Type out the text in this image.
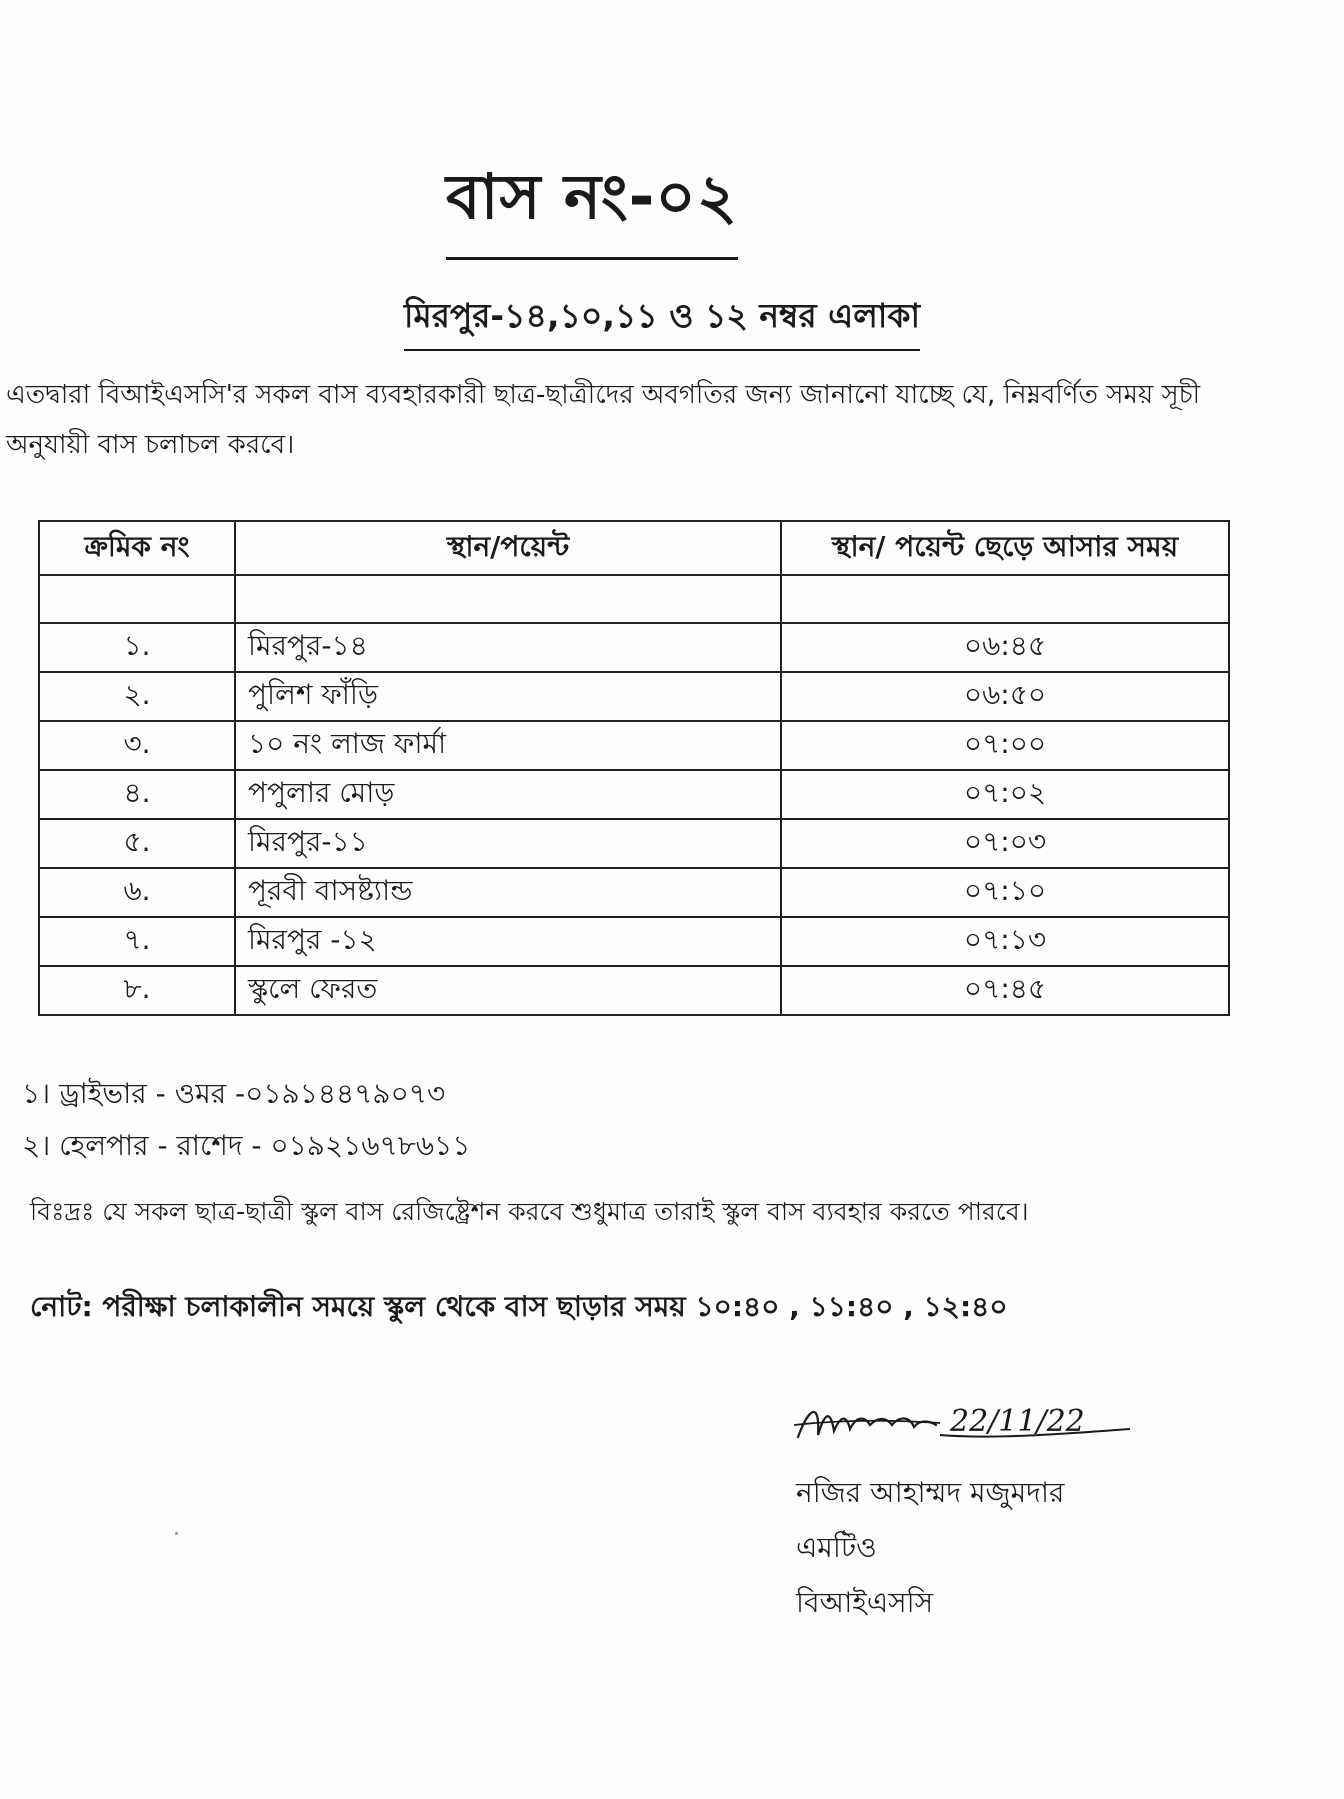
বাস নং-০২
মিরপুর-১৪,১০,১১ ও ১২ নম্বর এলাকা
এতদ্বারা বিআইএসসি'র সকল বাস ব্যবহারকারী ছাত্র-ছাত্রীদের অবগতির জন্য জানানো যাচ্ছে যে, নিম্নবর্ণিত সময় সূচী
অনুযায়ী বাস চলাচল করবে।
ক্রমিক নং	স্থান/পয়েন্ট	স্থান/ পয়েন্ট ছেড়ে আসার সময়

১.	মিরপুর-১৪	০৬:৪৫
২.	পুলিশ ফাঁড়ি	০৬:৫০
৩.	১০ নং লাজ ফার্মা	০৭:০০
৪.	পপুলার মোড়	০৭:০২
৫.	মিরপুর-১১	০৭:০৩
৬.	পূরবী বাসষ্ট্যান্ড	০৭:১০
৭.	মিরপুর -১২	০৭:১৩
৮.	স্কুলে ফেরত	০৭:৪৫
১। ড্রাইভার - ওমর -০১৯১৪৪৭৯০৭৩
২। হেলপার - রাশেদ - ০১৯২১৬৭৮৬১১
বিঃদ্রঃ যে সকল ছাত্র-ছাত্রী স্কুল বাস রেজিষ্ট্রেশন করবে শুধুমাত্র তারাই স্কুল বাস ব্যবহার করতে পারবে।
নোট: পরীক্ষা চলাকালীন সময়ে স্কুল থেকে বাস ছাড়ার সময় ১০:৪০ , ১১:৪০ , ১২:৪০
22/11/22
নজির আহাম্মদ মজুমদার
এমটিও
বিআইএসসি
